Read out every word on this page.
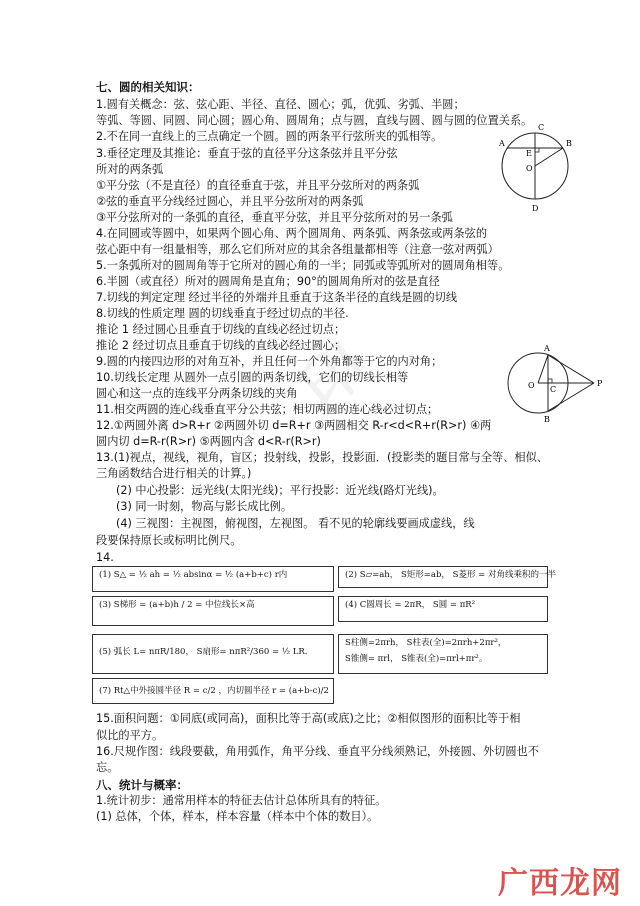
印
七、圆的相关知识：
1.圆有关概念：弦、弦心距、半径、直径、圆心；弧，优弧、劣弧、半圆；
等弧、等圆、同圆、同心圆；圆心角、圆周角；点与圆，直线与圆、圆与圆的位置关系。
2.不在同一直线上的三点确定一个圆。圆的两条平行弦所夹的弧相等。
3.垂径定理及其推论：垂直于弦的直径平分这条弦并且平分弦
所对的两条弧
①平分弦（不是直径）的直径垂直于弦，并且平分弦所对的两条弧
②弦的垂直平分线经过圆心，并且平分弦所对的两条弧
③平分弦所对的一条弧的直径，垂直平分弦，并且平分弦所对的另一条弧
4.在同圆或等圆中，如果两个圆心角、两个圆周角、两条弧、两条弦或两条弦的
弦心距中有一组量相等，那么它们所对应的其余各组量都相等（注意一弦对两弧）
5.一条弧所对的圆周角等于它所对的圆心角的一半；同弧或等弧所对的圆周角相等。
6.半圆（或直径）所对的圆周角是直角；90°的圆周角所对的弦是直径
7.切线的判定定理 经过半径的外端并且垂直于这条半径的直线是圆的切线
8.切线的性质定理 圆的切线垂直于经过切点的半径.
推论 1 经过圆心且垂直于切线的直线必经过切点；
推论 2 经过切点且垂直于切线的直线必经过圆心；
9.圆的内接四边形的对角互补，并且任何一个外角都等于它的内对角；
10.切线长定理 从圆外一点引圆的两条切线，它们的切线长相等
圆心和这一点的连线平分两条切线的夹角
11.相交两圆的连心线垂直平分公共弦；相切两圆的连心线必过切点；
12.①两圆外离 d>R+r ②两圆外切 d=R+r ③两圆相交 R-r<d<R+r(R>r) ④两
圆内切 d=R-r(R>r) ⑤两圆内含 d<R-r(R>r)
13.(1)视点，视线，视角，盲区；投射线，投影，投影面．(投影类的题目常与全等、相似、
三角函数结合进行相关的计算。)
(2) 中心投影：远光线(太阳光线)；平行投影：近光线(路灯光线)。
(3) 同一时刻，物高与影长成比例。
(4) 三视图：主视图，俯视图，左视图。 看不见的轮廓线要画成虚线，线
段要保持原长或标明比例尺。
14.
(1) S△ = ½ ah = ½ absinα = ½ (a+b+c) r内	(2) S▱=ah， S矩形=ab， S菱形 = 对角线乘积的一半
(3) S梯形 = (a+b)h / 2 = 中位线长×高	(4) C圆周长 = 2πR， S圆 = πR²
(5) 弧长 L= nπR/180， S扇形= nπR²/360 = ½ LR．
S柱侧=2πrh， S柱表(全)=2πrh+2πr²，
S锥侧= πrl， S锥表(全)=πrl+πr²。
(7) Rt△中外接圆半径 R = c/2 ，内切圆半径 r = (a+b-c)/2
15.面积问题：①同底(或同高)，面积比等于高(或底)之比；②相似图形的面积比等于相
似比的平方。
16.尺规作图：线段要截，角用弧作，角平分线、垂直平分线须熟记，外接圆、外切圆也不
忘。
八、统计与概率：
1.统计初步：通常用样本的特征去估计总体所具有的特征。
(1) 总体，个体，样本，样本容量（样本中个体的数目）。
A	B
C
D
E
O
A
B
C
O	P
广西龙网
